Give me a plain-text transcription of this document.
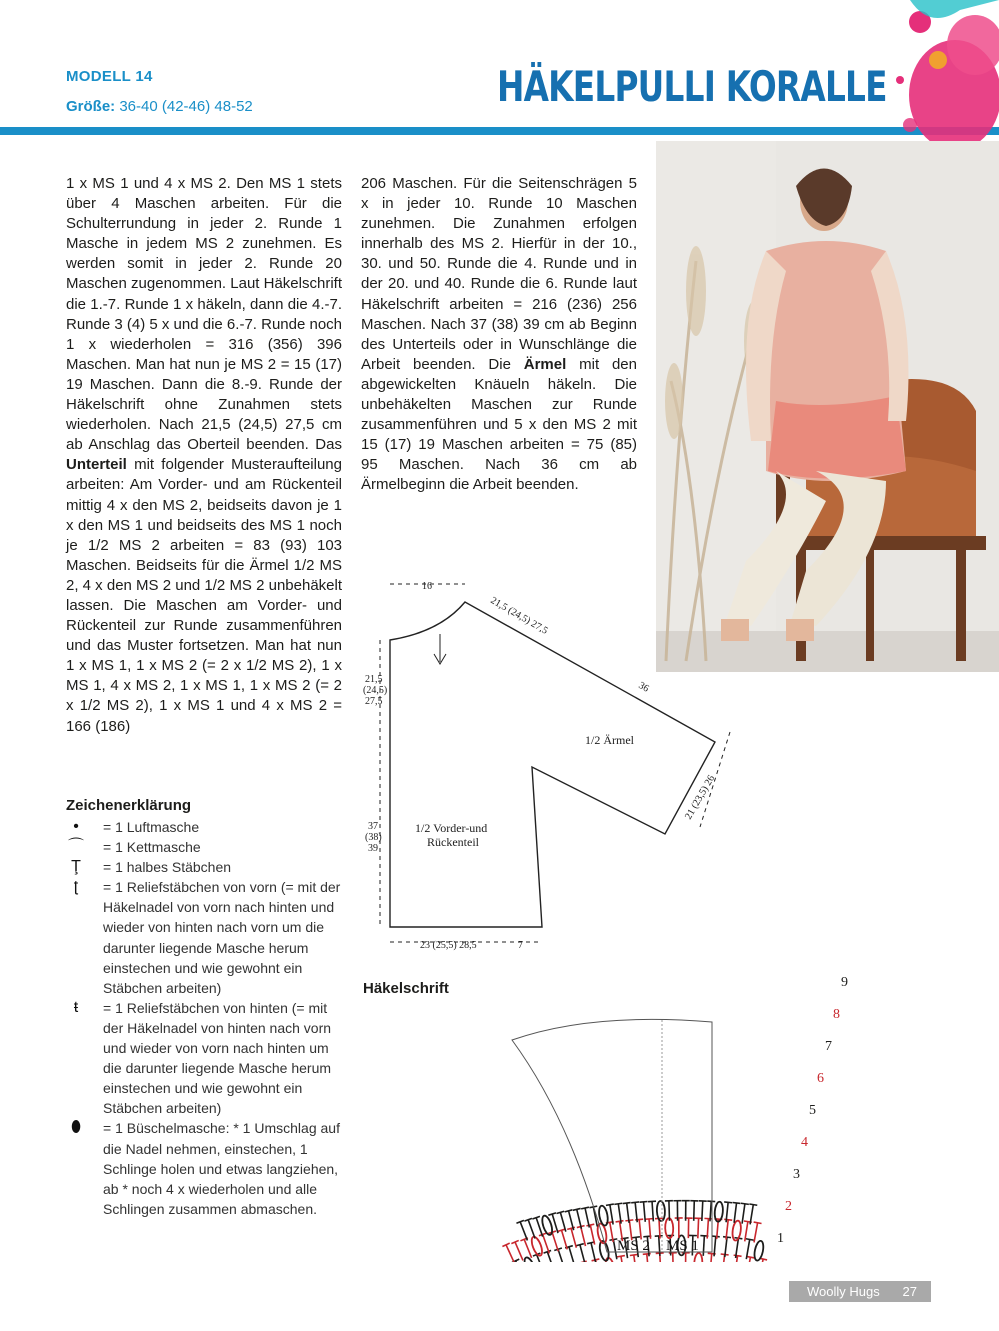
MODELL 14
Größe: 36-40 (42-46) 48-52	HÄKELPULLI KORALLE
1 x MS 1 und 4 x MS 2. Den MS 1 stets über 4 Maschen arbeiten. Für die Schulterrundung in jeder 2. Runde 1 Masche in jedem MS 2 zunehmen. Es werden somit in jeder 2. Runde 20 Maschen zugenommen. Laut Häkelschrift die 1.-7. Runde 1 x häkeln, dann die 4.-7. Runde 3 (4) 5 x und die 6.-7. Runde noch 1 x wiederholen = 316 (356) 396 Maschen. Man hat nun je MS 2 = 15 (17) 19 Maschen. Dann die 8.-9. Runde der Häkelschrift ohne Zunahmen stets wiederholen. Nach 21,5 (24,5) 27,5 cm ab Anschlag das Oberteil beenden. Das Unterteil mit folgender Musteraufteilung arbeiten: Am Vorder- und am Rückenteil mittig 4 x den MS 2, beidseits davon je 1 x den MS 1 und beidseits des MS 1 noch je 1/2 MS 2 arbeiten = 83 (93) 103 Maschen. Beidseits für die Ärmel 1/2 MS 2, 4 x den MS 2 und 1/2 MS 2 unbehäkelt lassen. Die Maschen am Vorder- und Rückenteil zur Runde zusammenführen und das Muster fortsetzen. Man hat nun 1 x MS 1, 1 x MS 2 (= 2 x 1/2 MS 2), 1 x MS 1, 4 x MS 2, 1 x MS 1, 1 x MS 2 (= 2 x 1/2 MS 2), 1 x MS 1 und 4 x MS 2 = 166 (186)
206 Maschen. Für die Seitenschrägen 5 x in jeder 10. Runde 10 Maschen zunehmen. Die Zunahmen erfolgen innerhalb des MS 2. Hierfür in der 10., 30. und 50. Runde die 4. Runde und in der 20. und 40. Runde die 6. Runde laut Häkelschrift arbeiten = 216 (236) 256 Maschen. Nach 37 (38) 39 cm ab Beginn des Unterteils oder in Wunschlänge die Arbeit beenden. Die Ärmel mit den abgewickelten Knäueln häkeln. Die unbehäkelten Maschen zur Runde zusammenführen und 5 x den MS 2 mit 15 (17) 19 Maschen arbeiten = 75 (85) 95 Maschen. Nach 36 cm ab Ärmelbeginn die Arbeit beenden.
16
21,5 (24,5) 27,5
36
21 (23,5) 26
21,5
(24,5)
27,5
37
(38)
39
23 (25,5) 28,5	7
1/2 Ärmel
1/2 Vorder-und
Rückenteil
Zeichenerklärung
•	= 1 Luftmasche
⌒ = 1 Kettmasche
Ţ	= 1 halbes Stäbchen
ʈ	= 1 Reliefstäbchen von vorn (= mit der Häkelnadel von vorn nach hinten und wieder von hinten nach vorn um die darunter liegende Masche herum einstechen und wie gewohnt ein Stäbchen arbeiten)
ŧ	= 1 Reliefstäbchen von hinten (= mit der Häkelnadel von hinten nach vorn und wieder von vorn nach hinten um die darunter liegende Masche herum einstechen und wie gewohnt ein Stäbchen arbeiten)
⬮	= 1 Büschelmasche: * 1 Umschlag auf die Nadel nehmen, einstechen, 1 Schlinge holen und etwas langziehen, ab * noch 4 x wiederholen und alle Schlingen zusammen abmaschen.
Häkelschrift
1
2
3
4
5
6
7
8
9
MS 2 MS 1
Woolly Hugs 27
